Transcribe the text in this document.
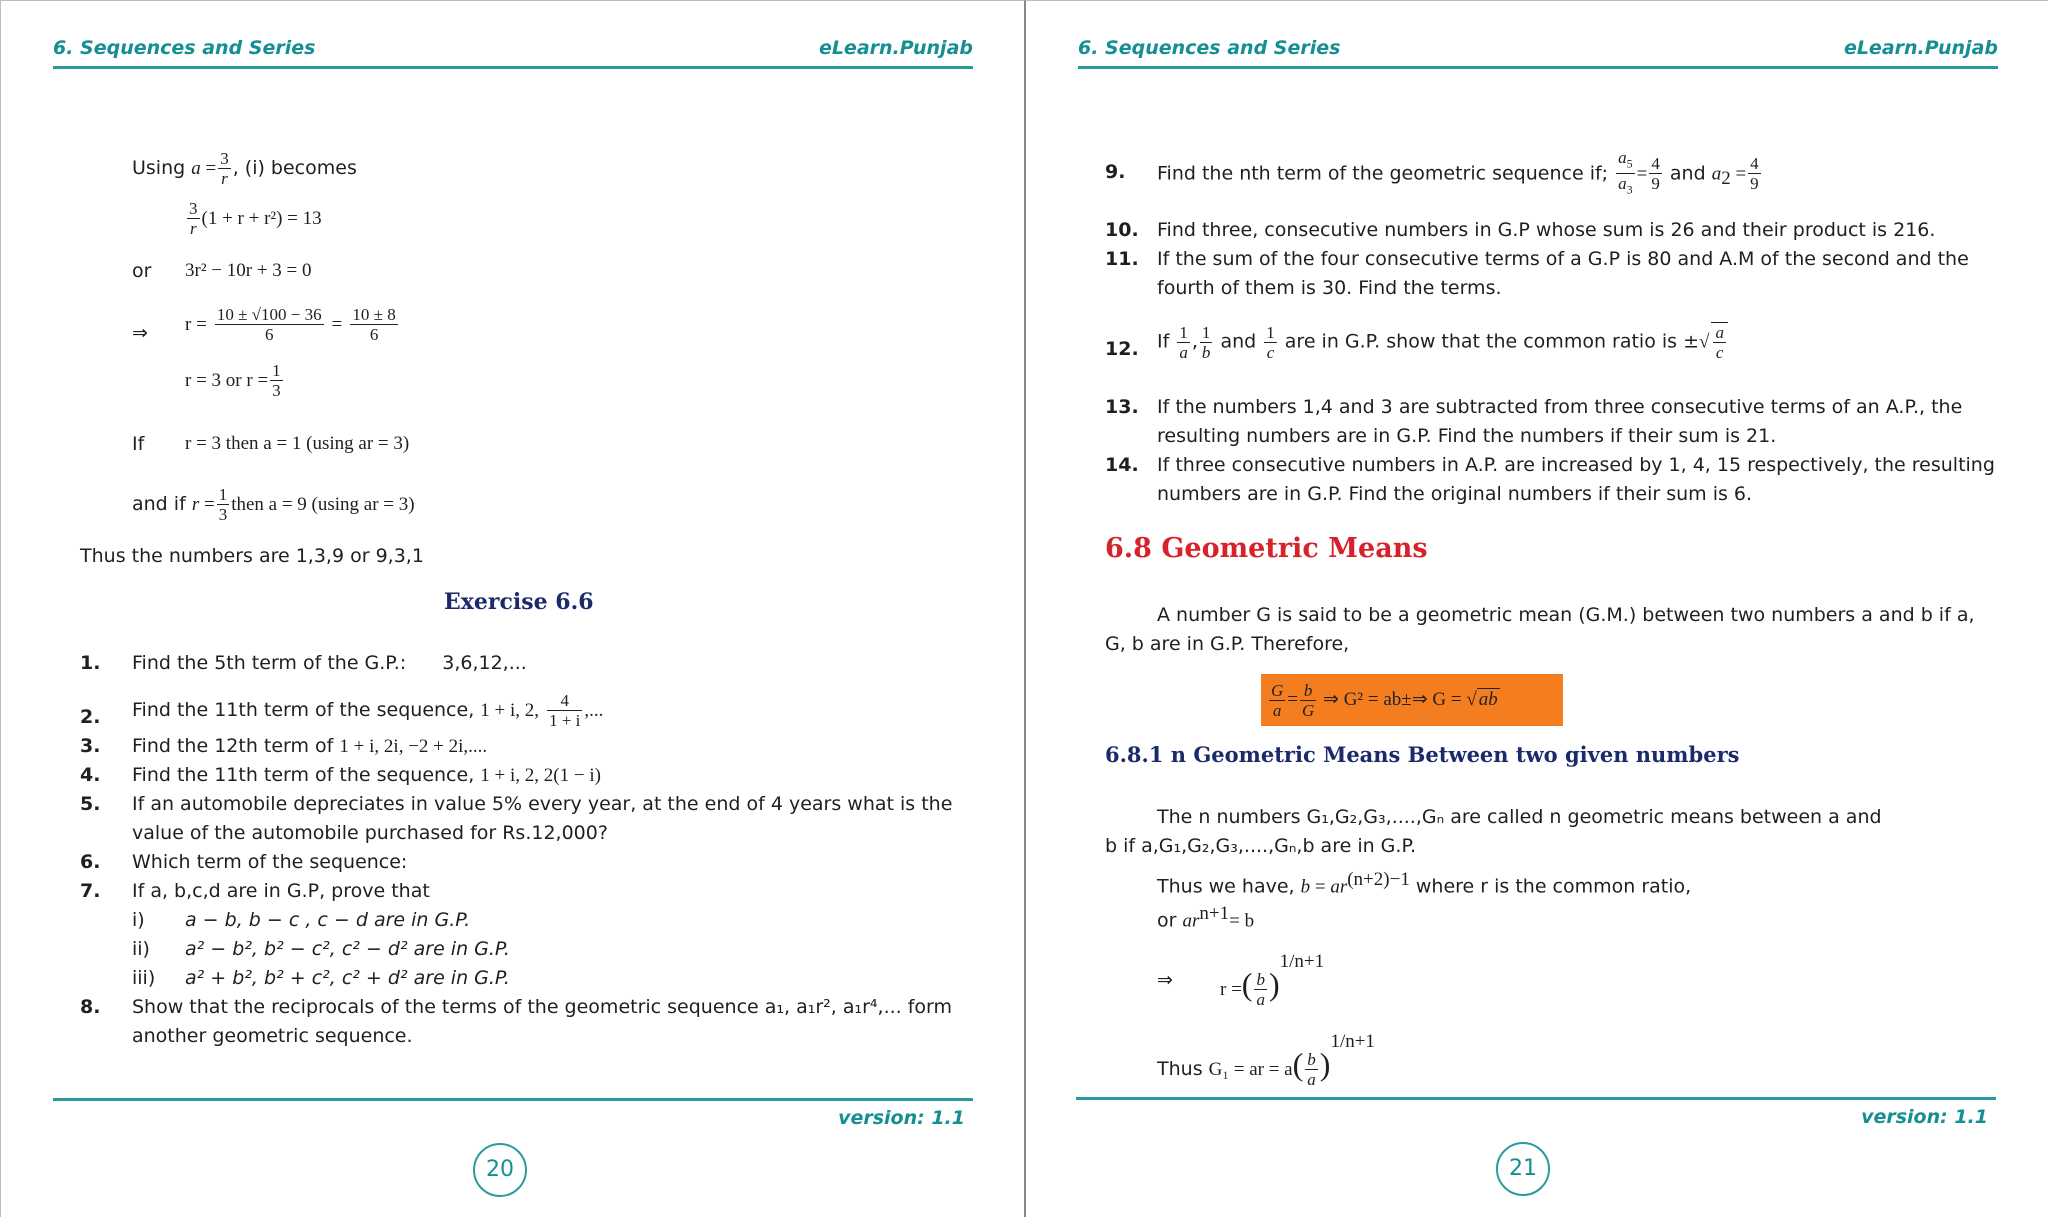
6. Sequences and Series	eLearn.Punjab
Using $a = \frac{3}{r}$ , (i) becomes
$\frac{3}{r} (1 + r + r^2) = 13$
or 3r² − 10r + 3 = 0
⇒ $r = \frac{10 \pm √100 - 36}{6} = \frac{10 \pm 8}{6}$
r = 3 or $r = \frac{1}{3}$
If r = 3 then a = 1 (using ar = 3)
and if $r = \frac{1}{3}$ then a = 9 (using ar = 3)
Thus the numbers are 1,3,9 or 9,3,1
Exercise 6.6
1. Find the 5th term of the G.P.: 3,6,12,...
2. Find the 11th term of the sequence, 1 + i, 2, $\frac{4}{1 + i}$ ,...
3. Find the 12th term of 1 + i, 2i, −2 + 2i,....
4. Find the 11th term of the sequence, 1 + i, 2, 2(1 − i)
5. If an automobile depreciates in value 5% every year, at the end of 4 years what is the
value of the automobile purchased for Rs.12,000?
6. Which term of the sequence:
7. If a, b,c,d are in G.P, prove that
i) a − b, b − c , c − d are in G.P.
ii) a² − b², b² − c², c² − d² are in G.P.
iii) a² + b², b² + c², c² + d² are in G.P.
8. Show that the reciprocals of the terms of the geometric sequence a₁, a₁r², a₁r⁴,... form
another geometric sequence.
version: 1.1
20
6. Sequences and Series	eLearn.Punjab
9. Find the nth term of the geometric sequence if; $\frac{a_5}{a_3} = \frac{4}{9}$ and $a_2 = \frac{4}{9}$
10. Find three, consecutive numbers in G.P whose sum is 26 and their product is 216.
11. If the sum of the four consecutive terms of a G.P is 80 and A.M of the second and the
fourth of them is 30. Find the terms.
12. If $\frac{1}{a}$ , $\frac{1}{b}$ and $\frac{1}{c}$ are in G.P. show that the common ratio is ±√ $\frac{a}{c}$
13. If the numbers 1,4 and 3 are subtracted from three consecutive terms of an A.P., the
resulting numbers are in G.P. Find the numbers if their sum is 21.
14. If three consecutive numbers in A.P. are increased by 1, 4, 15 respectively, the resulting
numbers are in G.P. Find the original numbers if their sum is 6.
6.8 Geometric Means
A number G is said to be a geometric mean (G.M.) between two numbers a and b if a,
G, b are in G.P. Therefore,
$\frac{G}{a} = \frac{b}{G}$ ⇒ G² = ab±⇒ G = √ ab
6.8.1 n Geometric Means Between two given numbers
The n numbers G₁,G₂,G₃,....,Gₙ are called n geometric means between a and
b if a,G₁,G₂,G₃,....,Gₙ,b are in G.P.
Thus we have, $b = ar^{(n+2)-1}$ where r is the common ratio,
or $ar^{n+1}= b$
⇒ r =( $\frac{b}{a} )^{1/n+1}$
Thus G₁ = ar = $a( \frac{b}{a} )^{1/n+1}$
version: 1.1
21
